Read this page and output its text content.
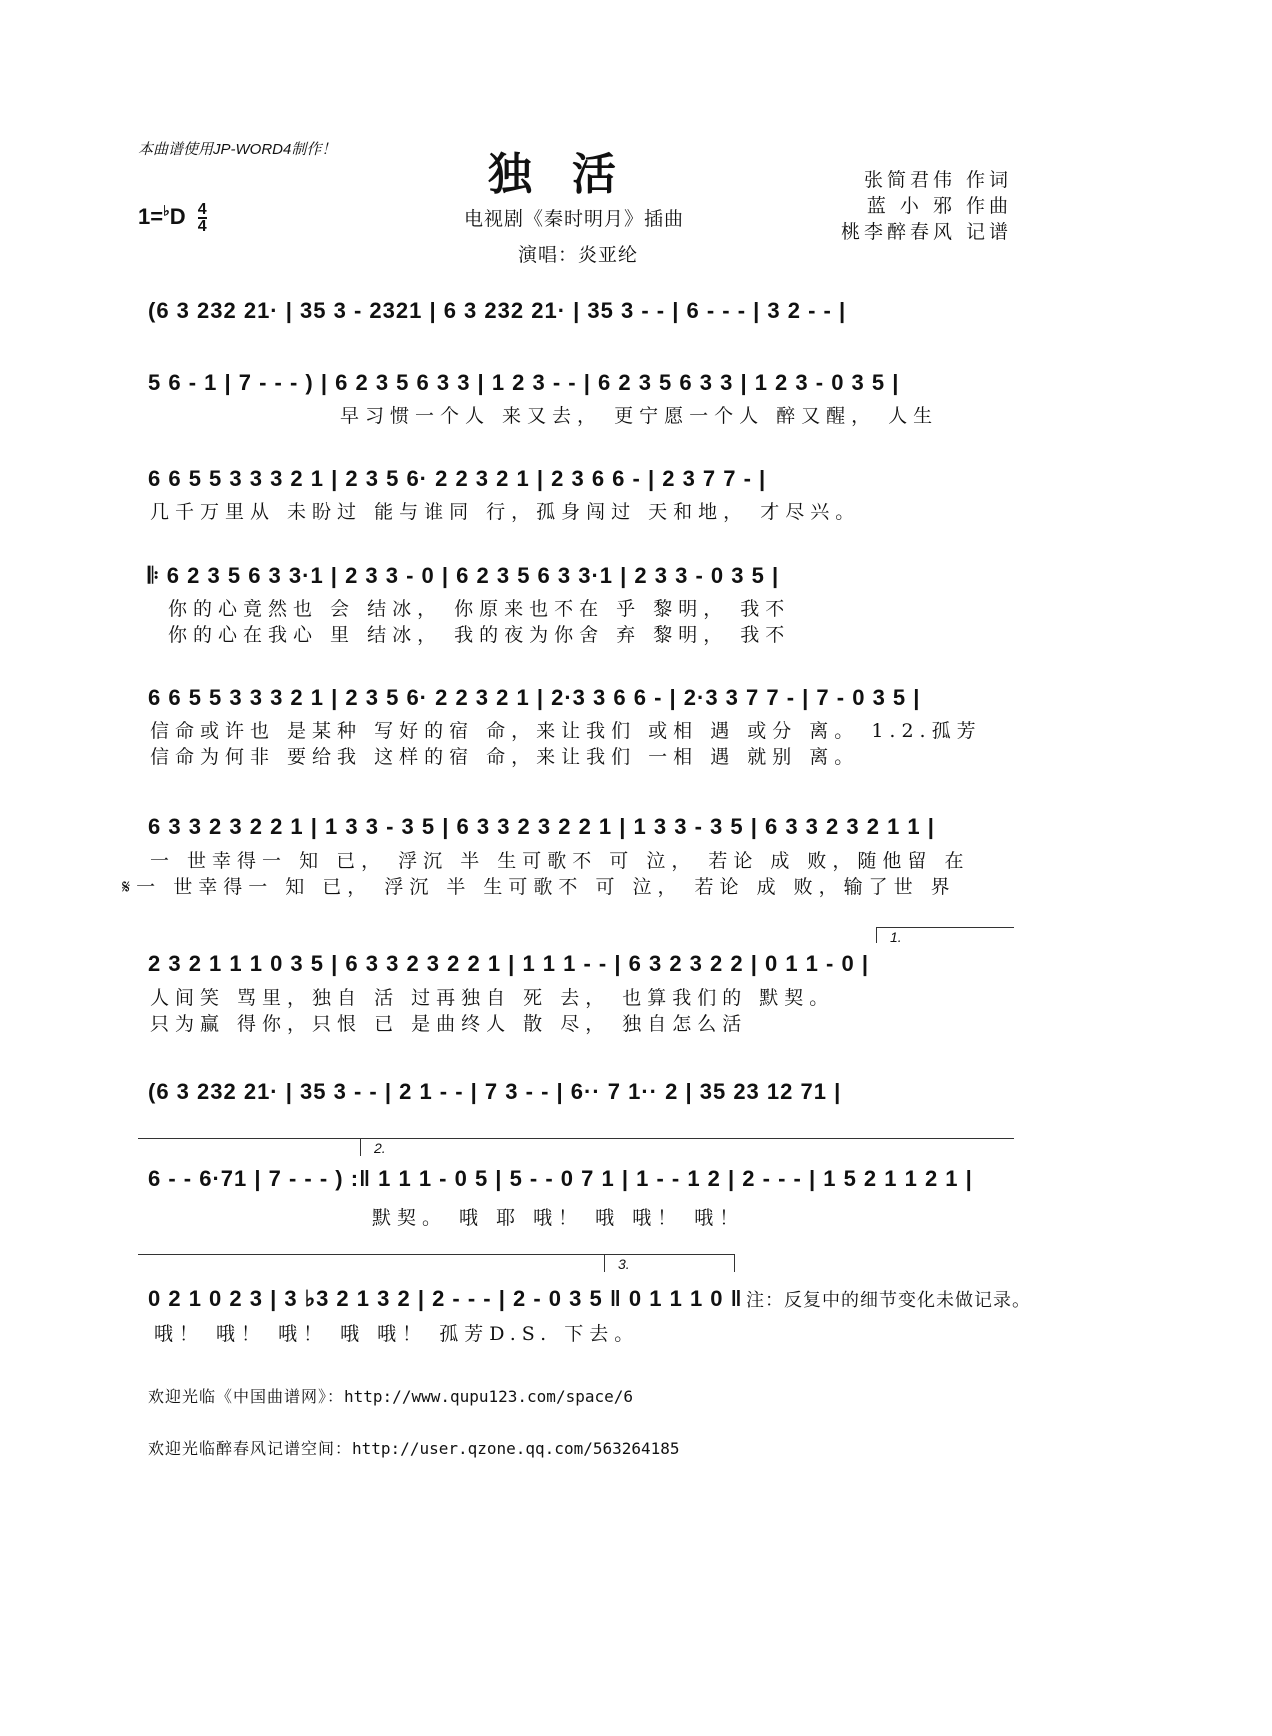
本曲谱使用JP-WORD4制作！	独活
电视剧《秦时明月》插曲
演唱：炎亚纶
张简君伟 作词
蓝 小 邪 作曲
桃李醉春风 记谱
$1=^♭D \frac{4}{4}$
(6 3 232 21· | 35 3 - 2321 | 6 3 232 21· | 35 3 - - | 6 - - - | 3 2 - - |
5 6 - 1 | 7 - - - ) | 6 2 3 5 6 3 3 | 1 2 3 - - | 6 2 3 5 6 3 3 | 1 2 3 - 0 3 5 |
早习惯一个人 来又去， 更宁愿一个人 醉又醒， 人生
6 6 5 5 3 3 3 2 1 | 2 3 5 6· 2 2 3 2 1 | 2 3 6 6 - | 2 3 7 7 - |
几千万里从 未盼过 能与谁同 行，孤身闯过 天和地， 才尽兴。
𝄆 6 2 3 5 6 3 3·1 | 2 3 3 - 0 | 6 2 3 5 6 3 3·1 | 2 3 3 - 0 3 5 |
你的心竟然也 会 结冰， 你原来也不在 乎 黎明， 我不
你的心在我心 里 结冰， 我的夜为你舍 弃 黎明， 我不
6 6 5 5 3 3 3 2 1 | 2 3 5 6· 2 2 3 2 1 | 2·3 3 6 6 - | 2·3 3 7 7 - | 7 - 0 3 5 |
信命或许也 是某种 写好的宿 命，来让我们 或相 遇 或分 离。 1.2.孤芳
信命为何非 要给我 这样的宿 命，来让我们 一相 遇 就别 离。
6 3 3 2 3 2 2 1 | 1 3 3 - 3 5 | 6 3 3 2 3 2 2 1 | 1 3 3 - 3 5 | 6 3 3 2 3 2 1 1 |
一 世幸得一 知 已， 浮沉 半 生可歌不 可 泣， 若论 成 败，随他留 在
𝄋一 世幸得一 知 已， 浮沉 半 生可歌不 可 泣， 若论 成 败，输了世 界
1.
2 3 2 1 1 1 0 3 5 | 6 3 3 2 3 2 2 1 | 1 1 1 - - | 6 3 2 3 2 2 | 0 1 1 - 0 |
人间笑 骂里，独自 活 过再独自 死 去， 也算我们的 默契。
只为赢 得你，只恨 已 是曲终人 散 尽， 独自怎么活
(6 3 232 21· | 35 3 - - | 2 1 - - | 7 3 - - | 6·· 7 1·· 2 | 35 23 12 71 |
2.
6 - - 6·71 | 7 - - - ) :‖ 1 1 1 - 0 5 | 5 - - 0 7 1 | 1 - - 1 2 | 2 - - - | 1 5 2 1 1 2 1 |
默契。 哦 耶 哦！ 哦 哦！ 哦！
3.
0 2 1 0 2 3 | 3 ♭3 2 1 3 2 | 2 - - - | 2 - 0 3 5 ‖ 0 1 1 1 0 ‖ 注：反复中的细节变化未做记录。
哦！ 哦！ 哦！ 哦 哦！ 孤芳D.S. 下去。
欢迎光临《中国曲谱网》：http://www.qupu123.com/space/6
欢迎光临醉春风记谱空间：http://user.qzone.qq.com/563264185
